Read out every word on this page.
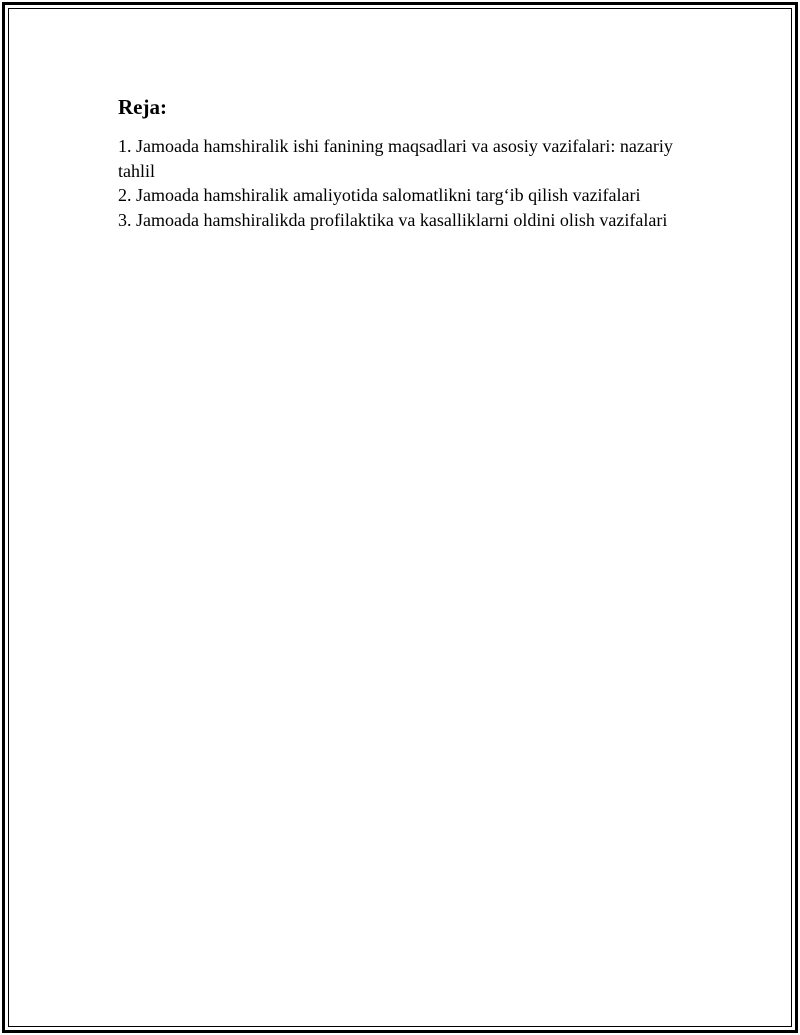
Reja:
1. Jamoada hamshiralik ishi fanining maqsadlari va asosiy vazifalari: nazariy tahlil
2. Jamoada hamshiralik amaliyotida salomatlikni targ‘ib qilish vazifalari
3. Jamoada hamshiralikda profilaktika va kasalliklarni oldini olish vazifalari
